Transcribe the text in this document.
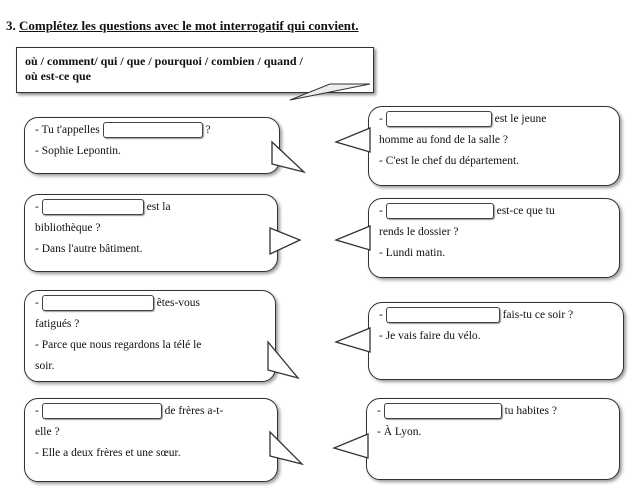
3. Complétez les questions avec le mot interrogatif qui convient.
où / comment/ qui / que / pourquoi / combien / quand /
où est-ce que
- Tu t'appelles	?
- Sophie Lepontin.
-	est la
bibliothèque ?
- Dans l'autre bâtiment.
-	êtes-vous
fatigués ?
- Parce que nous regardons la télé le
soir.
-	de frères a-t-
elle ?
- Elle a deux frères et une sœur.
-	est le jeune
homme au fond de la salle ?
- C'est le chef du département.
-	est-ce que tu
rends le dossier ?
- Lundi matin.
-	fais-tu ce soir ?
- Je vais faire du vélo.
-	tu habites ?
- À Lyon.
